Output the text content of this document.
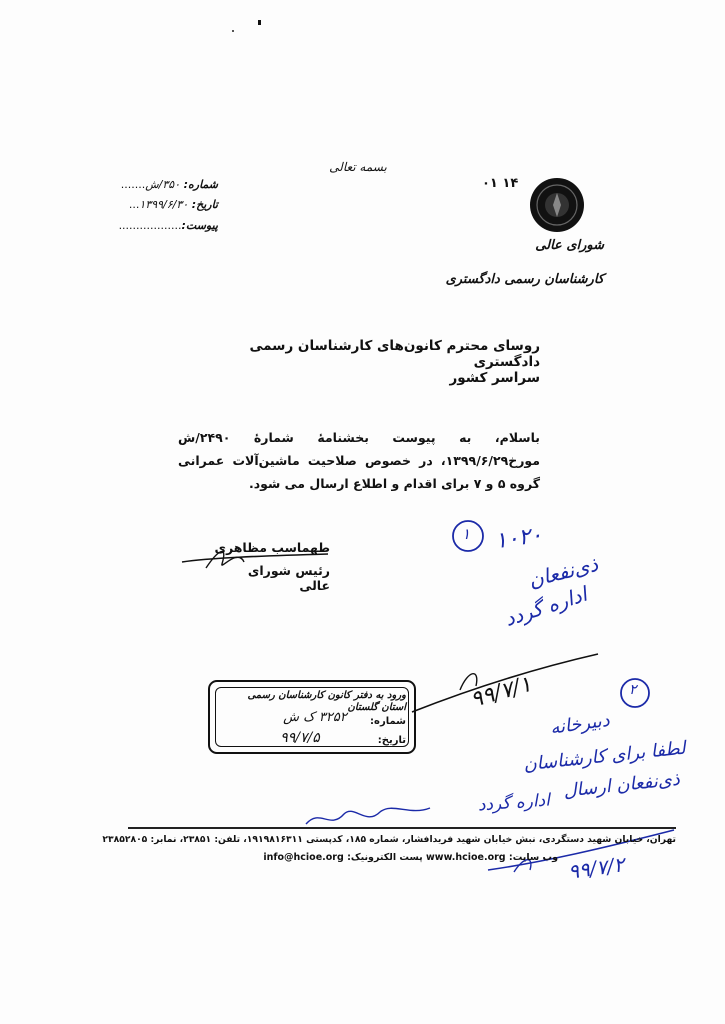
بسمه تعالی
شماره: ۳۵۰/ش.......
تاریخ: ۱۳۹۹/۶/۳۰...
پیوست:..................
۰۱ ۱۴
شورای عالی
کارشناسان رسمی دادگستری
روسای محترم کانون‌های کارشناسان رسمی دادگستری
سراسر کشور
باسلام، به پیوست بخشنامهٔ شمارهٔ ۲۴۹۰/ش مورخ۱۳۹۹/۶/۲۹، در خصوص صلاحیت ماشین‌آلات عمرانی گروه ۵ و ۷ برای اقدام و اطلاع ارسال می شود.
طهماسب مظاهری
رئیس شورای عالی
۱ ۱۰۲۰
ذی‌نفعان
اداره گردد
۹۹/۷/۱	۲
دبیرخانه
لطفا برای کارشناسان
ذی‌نفعان ارسال
اداره گردد
۹۹/۷/۲
ورود به دفتر کانون کارشناسان رسمی استان گلستان
شماره:
۳۲۵۲ ک ش
تاریخ:
۹۹/۷/۵
تهران، خیابان شهید دستگردی، نبش خیابان شهید فریدافشار، شماره ۱۸۵، کدپستی ۱۹۱۹۸۱۶۳۱۱، تلفن: ۲۳۸۵۱، نمابر: ۲۳۸۵۲۸۰۵
وب سایت: www.hcioe.org پست الکترونیک: info@hcioe.org
